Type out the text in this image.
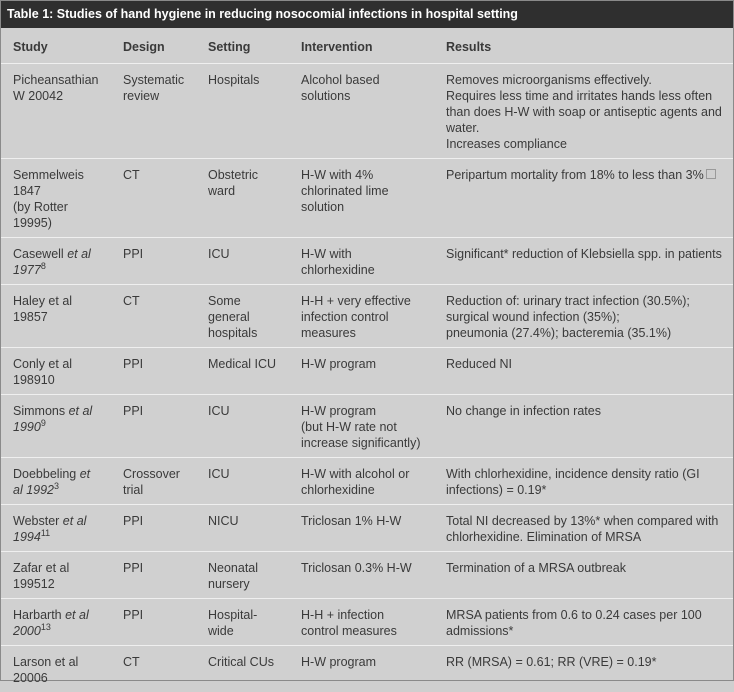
Table 1: Studies of hand hygiene in reducing nosocomial infections in hospital setting
Study	Design	Setting	Intervention	Results

Picheansathian
W 20042	Systematic
review	Hospitals	Alcohol based
solutions	Removes microorganisms effectively.
Requires less time and irritates hands less often
than does H-W with soap or antiseptic agents and
water.
Increases compliance

Semmelweis
1847
(by Rotter
19995)	CT	Obstetric
ward	H-W with 4%
chlorinated lime
solution	Peripartum mortality from 18% to less than 3%

Casewell et al
1977$^8$	PPI	ICU	H-W with
chlorhexidine	Significant* reduction of Klebsiella spp. in patients

Haley et al
19857	CT	Some
general
hospitals	H-H + very effective
infection control
measures	Reduction of: urinary tract infection (30.5%);
surgical wound infection (35%);
pneumonia (27.4%); bacteremia (35.1%)

Conly et al
198910	PPI	Medical ICU	H-W program	Reduced NI

Simmons et al
1990$^9$	PPI	ICU	H-W program
(but H-W rate not
increase significantly)	No change in infection rates

Doebbeling et
al 1992$^3$	Crossover
trial	ICU	H-W with alcohol or
chlorhexidine	With chlorhexidine, incidence density ratio (GI
infections) = 0.19*

Webster et al
1994$^{11}$	PPI	NICU	Triclosan 1% H-W	Total NI decreased by 13%* when compared with
chlorhexidine. Elimination of MRSA

Zafar et al
199512	PPI	Neonatal
nursery	Triclosan 0.3% H-W	Termination of a MRSA outbreak

Harbarth et al
2000$^{13}$	PPI	Hospital-
wide	H-H + infection
control measures	MRSA patients from 0.6 to 0.24 cases per 100
admissions*

Larson et al
20006	CT	Critical CUs	H-W program	RR (MRSA) = 0.61; RR (VRE) = 0.19*
